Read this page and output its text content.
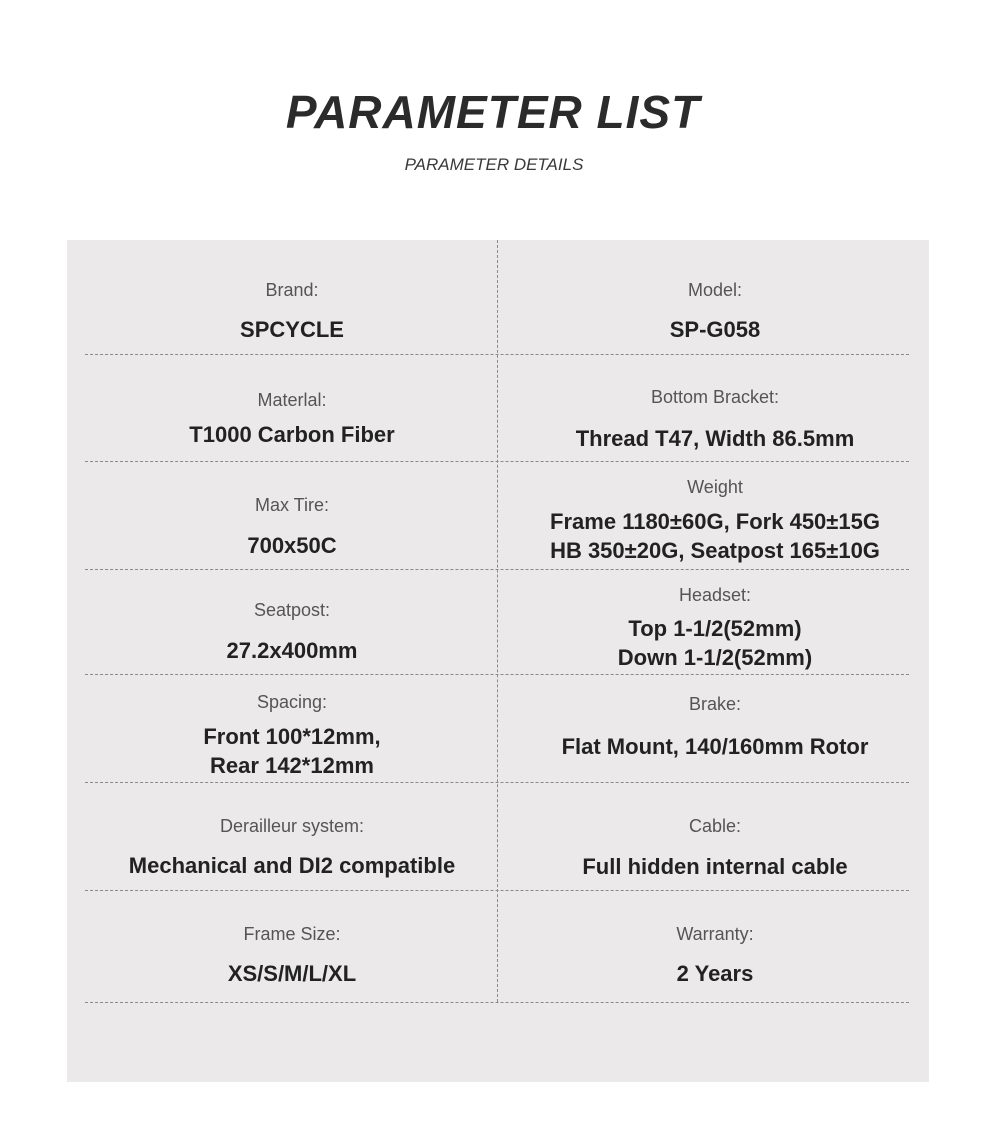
PARAMETER LIST
PARAMETER DETAILS
Brand:
SPCYCLE
Model:
SP-G058
Materlal:
T1000 Carbon Fiber
Bottom Bracket:
Thread T47, Width 86.5mm
Max Tire:
700x50C
Weight
Frame 1180±60G, Fork 450±15G
HB 350±20G, Seatpost 165±10G
Seatpost:
27.2x400mm
Headset:
Top 1-1/2(52mm)
Down 1-1/2(52mm)
Spacing:
Front 100*12mm,
Rear 142*12mm
Brake:
Flat Mount, 140/160mm Rotor
Derailleur system:
Mechanical and DI2 compatible
Cable:
Full hidden internal cable
Frame Size:
XS/S/M/L/XL
Warranty:
2 Years
